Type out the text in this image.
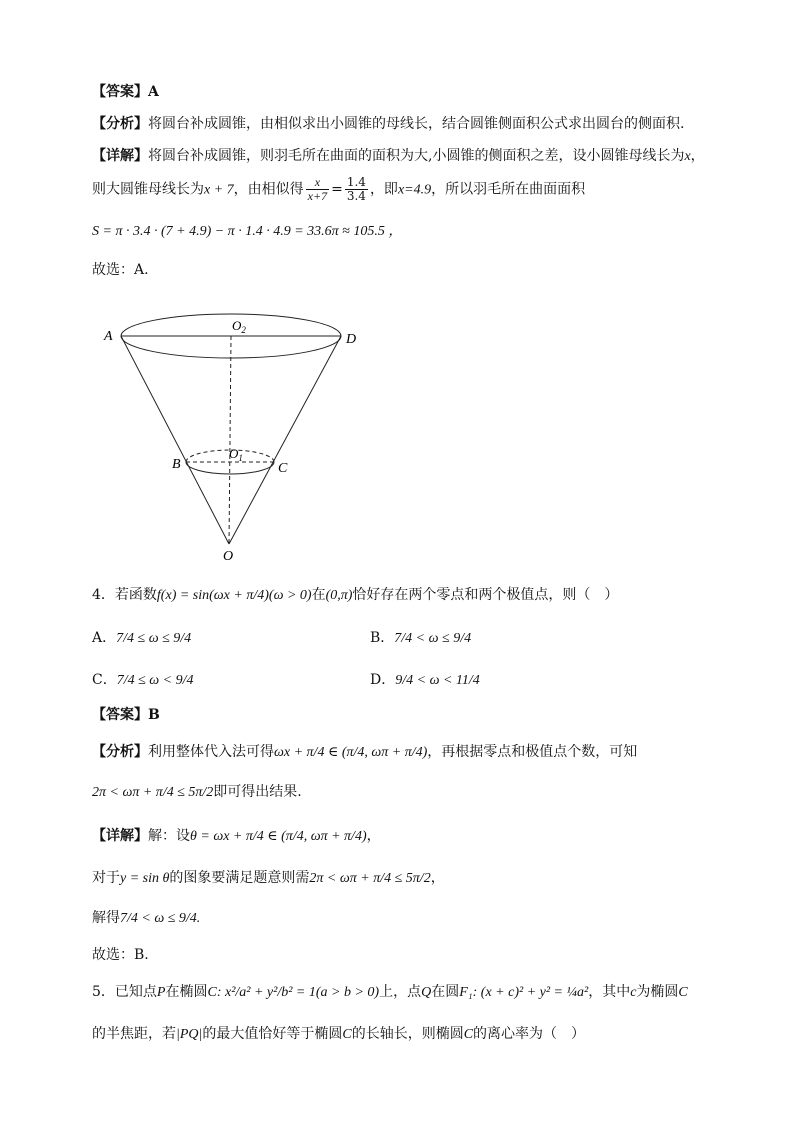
【答案】A
【分析】将圆台补成圆锥，由相似求出小圆锥的母线长，结合圆锥侧面积公式求出圆台的侧面积.
【详解】将圆台补成圆锥，则羽毛所在曲面的面积为大,小圆锥的侧面积之差，设小圆锥母线长为x，
则大圆锥母线长为x + 7，由相似得 $\frac{x}{x+7} = \frac{1.4}{3.4}$ ，即x=4.9，所以羽毛所在曲面面积
S = π · 3.4 · (7 + 4.9) − π · 1.4 · 4.9 = 33.6π ≈ 105.5 ，
故选：A.
A	D
$O_2$
B	C
$O_1$
O
4．若函数f(x) = sin(ωx + π/4)(ω > 0)在(0,π)恰好存在两个零点和两个极值点，则（　）
A．7/4 ≤ ω ≤ 9/4	B．7/4 < ω ≤ 9/4
C．7/4 ≤ ω < 9/4	D．9/4 < ω < 11/4
【答案】B
【分析】利用整体代入法可得ωx + π/4 ∈ (π/4, ωπ + π/4)，再根据零点和极值点个数，可知
2π < ωπ + π/4 ≤ 5π/2即可得出结果.
【详解】解：设θ = ωx + π/4 ∈ (π/4, ωπ + π/4)，
对于y = sin θ的图象要满足题意则需2π < ωπ + π/4 ≤ 5π/2，
解得7/4 < ω ≤ 9/4.
故选：B.
5．已知点P在椭圆C: x²/a² + y²/b² = 1(a > b > 0)上，点Q在圆F₁: (x + c)² + y² = ¼a²，其中c为椭圆C
的半焦距，若|PQ|的最大值恰好等于椭圆C的长轴长，则椭圆C的离心率为（　）
